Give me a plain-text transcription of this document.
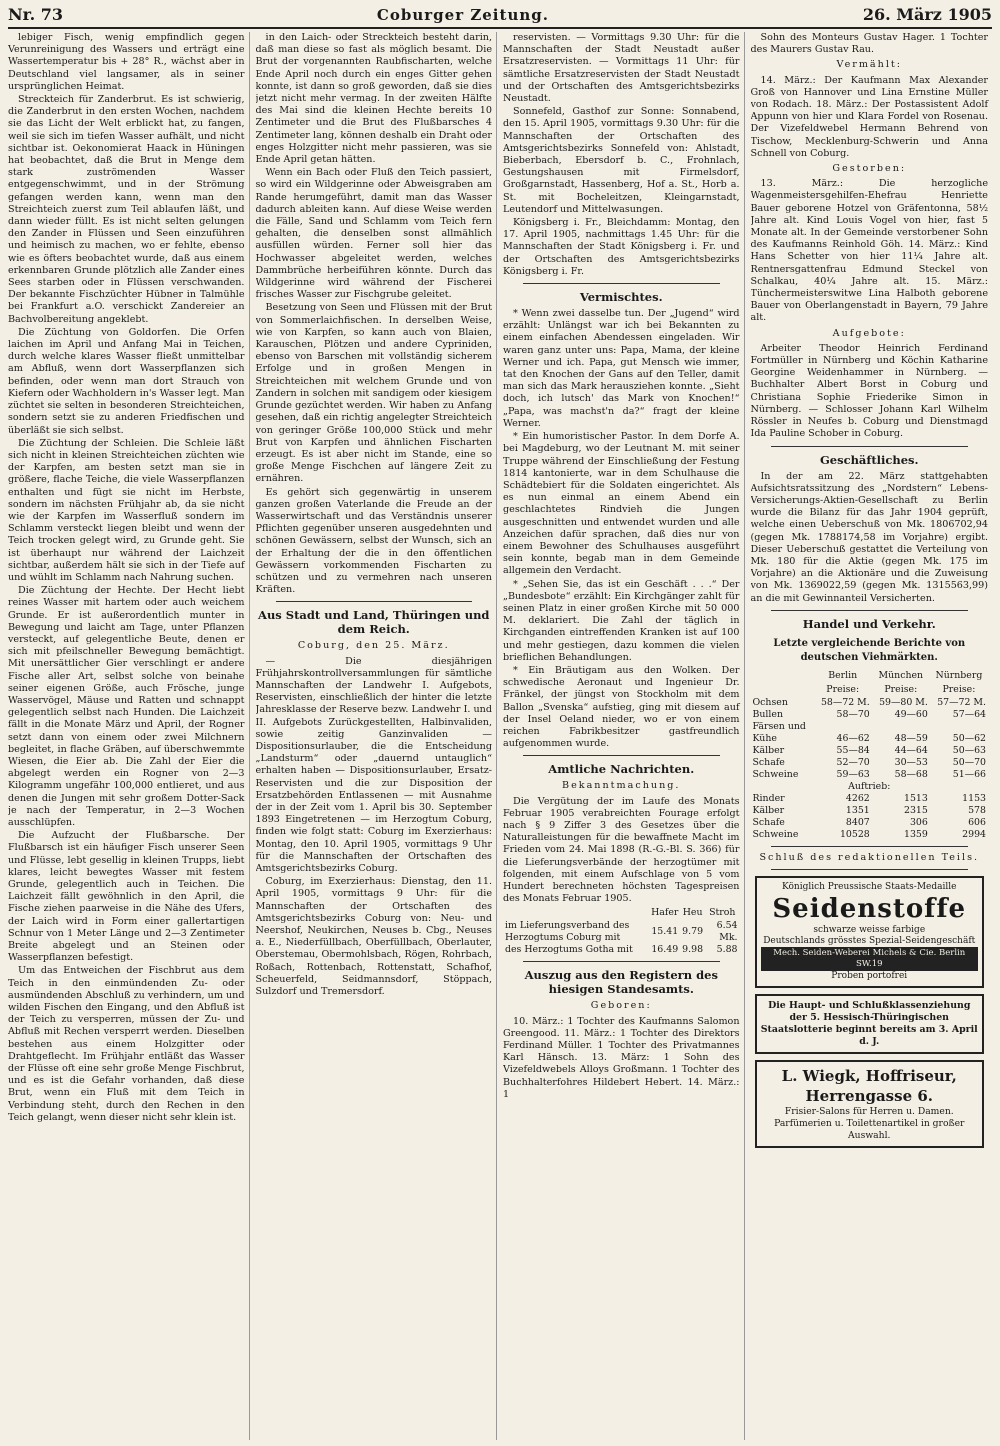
Nr. 73	Coburger Zeitung.	26. März 1905

lebiger Fisch, wenig empfindlich gegen Verunreinigung des Wassers und erträgt eine Wassertemperatur bis + 28° R., wächst aber in Deutschland viel langsamer, als in seiner ursprünglichen Heimat.

Streckteich für Zanderbrut. Es ist schwierig, die Zanderbrut in den ersten Wochen, nachdem sie das Licht der Welt erblickt hat, zu fangen, weil sie sich im tiefen Wasser aufhält, und nicht sichtbar ist. Oekonomierat Haack in Hüningen hat beobachtet, daß die Brut in Menge dem stark zuströmenden Wasser entgegenschwimmt, und in der Strömung gefangen werden kann, wenn man den Streichteich zuerst zum Teil ablaufen läßt, und dann wieder füllt. Es ist nicht selten gelungen den Zander in Flüssen und Seen einzuführen und heimisch zu machen, wo er fehlte, ebenso wie es öfters beobachtet wurde, daß aus einem erkennbaren Grunde plötzlich alle Zander eines Sees starben oder in Flüssen verschwanden. Der bekannte Fischzüchter Hübner in Talmühle bei Frankfurt a.O. verschickt Zandereier an Bachvolbereitung angeklebt.

Die Züchtung von Goldorfen. Die Orfen laichen im April und Anfang Mai in Teichen, durch welche klares Wasser fließt unmittelbar am Abfluß, wenn dort Wasserpflanzen sich befinden, oder wenn man dort Strauch von Kiefern oder Wachholdern in's Wasser legt. Man züchtet sie selten in besonderen Streichteichen, sondern setzt sie zu anderen Friedfischen und überläßt sie sich selbst.

Die Züchtung der Schleien. Die Schleie läßt sich nicht in kleinen Streichteichen züchten wie der Karpfen, am besten setzt man sie in größere, flache Teiche, die viele Wasserpflanzen enthalten und fügt sie nicht im Herbste, sondern im nächsten Frühjahr ab, da sie nicht wie der Karpfen im Wasserfluß sondern im Schlamm versteckt liegen bleibt und wenn der Teich trocken gelegt wird, zu Grunde geht. Sie ist überhaupt nur während der Laichzeit sichtbar, außerdem hält sie sich in der Tiefe auf und wühlt im Schlamm nach Nahrung suchen.

Die Züchtung der Hechte. Der Hecht liebt reines Wasser mit hartem oder auch weichem Grunde. Er ist außerordentlich munter in Bewegung und laicht am Tage, unter Pflanzen versteckt, auf gelegentliche Beute, denen er sich mit pfeilschneller Bewegung bemächtigt. Mit unersättlicher Gier verschlingt er andere Fische aller Art, selbst solche von beinahe seiner eigenen Größe, auch Frösche, junge Wasservögel, Mäuse und Ratten und schnappt gelegentlich selbst nach Hunden. Die Laichzeit fällt in die Monate März und April, der Rogner setzt dann von einem oder zwei Milchnern begleitet, in flache Gräben, auf überschwemmte Wiesen, die Eier ab. Die Zahl der Eier die abgelegt werden ein Rogner von 2—3 Kilogramm ungefähr 100,000 entlieret, und aus denen die Jungen mit sehr großem Dotter-Sack je nach der Temperatur, in 2—3 Wochen ausschlüpfen.

Die Aufzucht der Flußbarsche. Der Flußbarsch ist ein häufiger Fisch unserer Seen und Flüsse, lebt gesellig in kleinen Trupps, liebt klares, leicht bewegtes Wasser mit festem Grunde, gelegentlich auch in Teichen. Die Laichzeit fällt gewöhnlich in den April, die Fische ziehen paarweise in die Nähe des Ufers, der Laich wird in Form einer gallertartigen Schnur von 1 Meter Länge und 2—3 Zentimeter Breite abgelegt und an Steinen oder Wasserpflanzen befestigt.

Um das Entweichen der Fischbrut aus dem Teich in den einmündenden Zu- oder ausmündenden Abschluß zu verhindern, um und wilden Fischen den Eingang, und den Abfluß ist der Teich zu versperren, müssen der Zu- und Abfluß mit Rechen versperrt werden. Dieselben bestehen aus einem Holzgitter oder Drahtgeflecht. Im Frühjahr entläßt das Wasser der Flüsse oft eine sehr große Menge Fischbrut, und es ist die Gefahr vorhanden, daß diese Brut, wenn ein Fluß mit dem Teich in Verbindung steht, durch den Rechen in den Teich gelangt, wenn dieser nicht sehr klein ist.

in den Laich- oder Streckteich besteht darin, daß man diese so fast als möglich besamt. Die Brut der vorgenannten Raubfischarten, welche Ende April noch durch ein enges Gitter gehen konnte, ist dann so groß geworden, daß sie dies jetzt nicht mehr vermag. In der zweiten Hälfte des Mai sind die kleinen Hechte bereits 10 Zentimeter und die Brut des Flußbarsches 4 Zentimeter lang, können deshalb ein Draht oder enges Holzgitter nicht mehr passieren, was sie Ende April getan hätten.

Wenn ein Bach oder Fluß den Teich passiert, so wird ein Wildgerinne oder Abweisgraben am Rande herumgeführt, damit man das Wasser dadurch ableiten kann. Auf diese Weise werden die Fälle, Sand und Schlamm vom Teich fern gehalten, die denselben sonst allmählich ausfüllen würden. Ferner soll hier das Hochwasser abgeleitet werden, welches Dammbrüche herbeiführen könnte. Durch das Wildgerinne wird während der Fischerei frisches Wasser zur Fischgrube geleitet.

Besetzung von Seen und Flüssen mit der Brut von Sommerlaichfischen. In derselben Weise, wie von Karpfen, so kann auch von Blaien, Karauschen, Plötzen und andere Cypriniden, ebenso von Barschen mit vollständig sicherem Erfolge und in großen Mengen in Streichteichen mit welchem Grunde und von Zandern in solchen mit sandigem oder kiesigem Grunde gezüchtet werden. Wir haben zu Anfang gesehen, daß ein richtig angelegter Streichteich von geringer Größe 100,000 Stück und mehr Brut von Karpfen und ähnlichen Fischarten erzeugt. Es ist aber nicht im Stande, eine so große Menge Fischchen auf längere Zeit zu ernähren.

Es gehört sich gegenwärtig in unserem ganzen großen Vaterlande die Freude an der Wasserwirtschaft und das Verständnis unserer Pflichten gegenüber unseren ausgedehnten und schönen Gewässern, selbst der Wunsch, sich an der Erhaltung der die in den öffentlichen Gewässern vorkommenden Fischarten zu schützen und zu vermehren nach unseren Kräften.

Aus Stadt und Land, Thüringen und dem Reich.
Coburg, den 25. März.

— Die diesjährigen Frühjahrskontrollversammlungen für sämtliche Mannschaften der Landwehr I. Aufgebots, Reservisten, einschließlich der hinter die letzte Jahresklasse der Reserve bezw. Landwehr I. und II. Aufgebots Zurückgestellten, Halbinvaliden, sowie zeitig Ganzinvaliden — Dispositionsurlauber, die die Entscheidung „Landsturm“ oder „dauernd untauglich“ erhalten haben — Dispositionsurlauber, Ersatz-Reservisten und die zur Disposition der Ersatzbehörden Entlassenen — mit Ausnahme der in der Zeit vom 1. April bis 30. September 1893 Eingetretenen — im Herzogtum Coburg, finden wie folgt statt: Coburg im Exerzierhaus: Montag, den 10. April 1905, vormittags 9 Uhr für die Mannschaften der Ortschaften des Amtsgerichtsbezirks Coburg.

Coburg, im Exerzierhaus: Dienstag, den 11. April 1905, vormittags 9 Uhr: für die Mannschaften der Ortschaften des Amtsgerichtsbezirks Coburg von: Neu- und Neershof, Neukirchen, Neuses b. Cbg., Neuses a. E., Niederfüllbach, Oberfüllbach, Oberlauter, Oberstemau, Obermohlsbach, Rögen, Rohrbach, Roßach, Rottenbach, Rottenstatt, Schafhof, Scheuerfeld, Seidmannsdorf, Stöppach, Sulzdorf und Tremersdorf.

reservisten. — Vormittags 9.30 Uhr: für die Mannschaften der Stadt Neustadt außer Ersatzreservisten. — Vormittags 11 Uhr: für sämtliche Ersatzreservisten der Stadt Neustadt und der Ortschaften des Amtsgerichtsbezirks Neustadt.

Sonnefeld, Gasthof zur Sonne: Sonnabend, den 15. April 1905, vormittags 9.30 Uhr: für die Mannschaften der Ortschaften des Amtsgerichtsbezirks Sonnefeld von: Ahlstadt, Bieberbach, Ebersdorf b. C., Frohnlach, Gestungshausen mit Firmelsdorf, Großgarnstadt, Hassenberg, Hof a. St., Horb a. St. mit Bocheleitzen, Kleingarnstadt, Leutendorf und Mittelwasungen.

Königsberg i. Fr., Bleichdamm: Montag, den 17. April 1905, nachmittags 1.45 Uhr: für die Mannschaften der Stadt Königsberg i. Fr. und der Ortschaften des Amtsgerichtsbezirks Königsberg i. Fr.

Vermischtes.

* Wenn zwei dasselbe tun. Der „Jugend“ wird erzählt: Unlängst war ich bei Bekannten zu einem einfachen Abendessen eingeladen. Wir waren ganz unter uns: Papa, Mama, der kleine Werner und ich. Papa, gut Mensch wie immer, tat den Knochen der Gans auf den Teller, damit man sich das Mark herausziehen konnte. „Sieht doch, ich lutsch' das Mark von Knochen!“ „Papa, was machst'n da?“ fragt der kleine Werner.

* Ein humoristischer Pastor. In dem Dorfe A. bei Magdeburg, wo der Leutnant M. mit seiner Truppe während der Einschließung der Festung 1814 kantonierte, war in dem Schulhause die Schädtebiert für die Soldaten eingerichtet. Als es nun einmal an einem Abend ein geschlachtetes Rindvieh die Jungen ausgeschnitten und entwendet wurden und alle Anzeichen dafür sprachen, daß dies nur von einem Bewohner des Schulhauses ausgeführt sein konnte, begab man in dem Gemeinde allgemein den Verdacht.

* „Sehen Sie, das ist ein Geschäft . . .“ Der „Bundesbote“ erzählt: Ein Kirchgänger zahlt für seinen Platz in einer großen Kirche mit 50 000 M. deklariert. Die Zahl der täglich in Kirchganden eintreffenden Kranken ist auf 100 und mehr gestiegen, dazu kommen die vielen brieflichen Behandlungen.

* Ein Bräutigam aus den Wolken. Der schwedische Aeronaut und Ingenieur Dr. Fränkel, der jüngst von Stockholm mit dem Ballon „Svenska“ aufstieg, ging mit diesem auf der Insel Oeland nieder, wo er von einem reichen Fabrikbesitzer gastfreundlich aufgenommen wurde.

Amtliche Nachrichten.
Bekanntmachung.

Die Vergütung der im Laufe des Monats Februar 1905 verabreichten Fourage erfolgt nach § 9 Ziffer 3 des Gesetzes über die Naturalleistungen für die bewaffnete Macht im Frieden vom 24. Mai 1898 (R.-G.-Bl. S. 366) für die Lieferungsverbände der herzogtümer mit folgenden, mit einem Aufschlage von 5 vom Hundert berechneten höchsten Tagespreisen des Monats Februar 1905.

	Hafer	Heu	Stroh
im Lieferungsverband des Herzogtums Coburg mit	15.41	9.79	6.54 Mk.
des Herzogtums Gotha mit	16.49	9.98	5.88
Auszug aus den Registern des hiesigen Standesamts.
Geboren:

10. März.: 1 Tochter des Kaufmanns Salomon Greengood. 11. März.: 1 Tochter des Direktors Ferdinand Müller. 1 Tochter des Privatmannes Karl Hänsch. 13. März: 1 Sohn des Vizefeldwebels Alloys Großmann. 1 Tochter des Buchhalterfohres Hildebert Hebert. 14. März.: 1

Sohn des Monteurs Gustav Hager. 1 Tochter des Maurers Gustav Rau.

Vermählt:

14. März.: Der Kaufmann Max Alexander Groß von Hannover und Lina Ernstine Müller von Rodach. 18. März.: Der Postassistent Adolf Appunn von hier und Klara Fordel von Rosenau. Der Vizefeldwebel Hermann Behrend von Tischow, Mecklenburg-Schwerin und Anna Schnell von Coburg.

Gestorben:

13. März.: Die herzogliche Wagenmeistersgehilfen-Ehefrau Henriette Bauer geborene Hotzel von Gräfentonna, 58½ Jahre alt. Kind Louis Vogel von hier, fast 5 Monate alt. In der Gemeinde verstorbener Sohn des Kaufmanns Reinhold Göh. 14. März.: Kind Hans Schetter von hier 11¼ Jahre alt. Rentnersgattenfrau Edmund Steckel von Schalkau, 40¼ Jahre alt. 15. März.: Tünchermeisterswitwe Lina Halboth geborene Bauer von Oberlangenstadt in Bayern, 79 Jahre alt.

Aufgebote:

Arbeiter Theodor Heinrich Ferdinand Fortmüller in Nürnberg und Köchin Katharine Georgine Weidenhammer in Nürnberg. — Buchhalter Albert Borst in Coburg und Christiana Sophie Friederike Simon in Nürnberg. — Schlosser Johann Karl Wilhelm Rössler in Neufes b. Coburg und Dienstmagd Ida Pauline Schober in Coburg.

Geschäftliches.

In der am 22. März stattgehabten Aufsichtsratssitzung des „Nordstern“ Lebens-Versicherungs-Aktien-Gesellschaft zu Berlin wurde die Bilanz für das Jahr 1904 geprüft, welche einen Ueberschuß von Mk. 1806702,94 (gegen Mk. 1788174,58 im Vorjahre) ergibt. Dieser Ueberschuß gestattet die Verteilung von Mk. 180 für die Aktie (gegen Mk. 175 im Vorjahre) an die Aktionäre und die Zuweisung von Mk. 1369022,59 (gegen Mk. 1315563,99) an die mit Gewinnanteil Versicherten.

Handel und Verkehr.
Letzte vergleichende Berichte von deutschen Viehmärkten.
	Berlin	München	Nürnberg
	Preise:	Preise:	Preise:
Ochsen	58—72 M.	59—80 M.	57—72 M.
Bullen	58—70	49—60	57—64
Färsen und			
Kühe	46—62	48—59	50—62
Kälber	55—84	44—64	50—63
Schafe	52—70	30—53	50—70
Schweine	59—63	58—68	51—66
Auftrieb:			
Rinder	4262	1513	1153
Kälber	1351	2315	578
Schafe	8407	306	606
Schweine	10528	1359	2994
Schluß des redaktionellen Teils.
Königlich Preussische Staats-Medaille
Seidenstoffe
schwarze weisse farbige
Deutschlands grösstes Spezial-Seidengeschäft
Mech. Seiden-Weberei Michels & Cie. Berlin SW.19
Proben portofrei
Die Haupt- und Schlußklassenziehung der 5. Hessisch-Thüringischen Staatslotterie beginnt bereits am 3. April d. J.
L. Wiegk, Hoffriseur, Herrengasse 6.
Frisier-Salons für Herren u. Damen.
Parfümerien u. Toilettenartikel in großer Auswahl.
